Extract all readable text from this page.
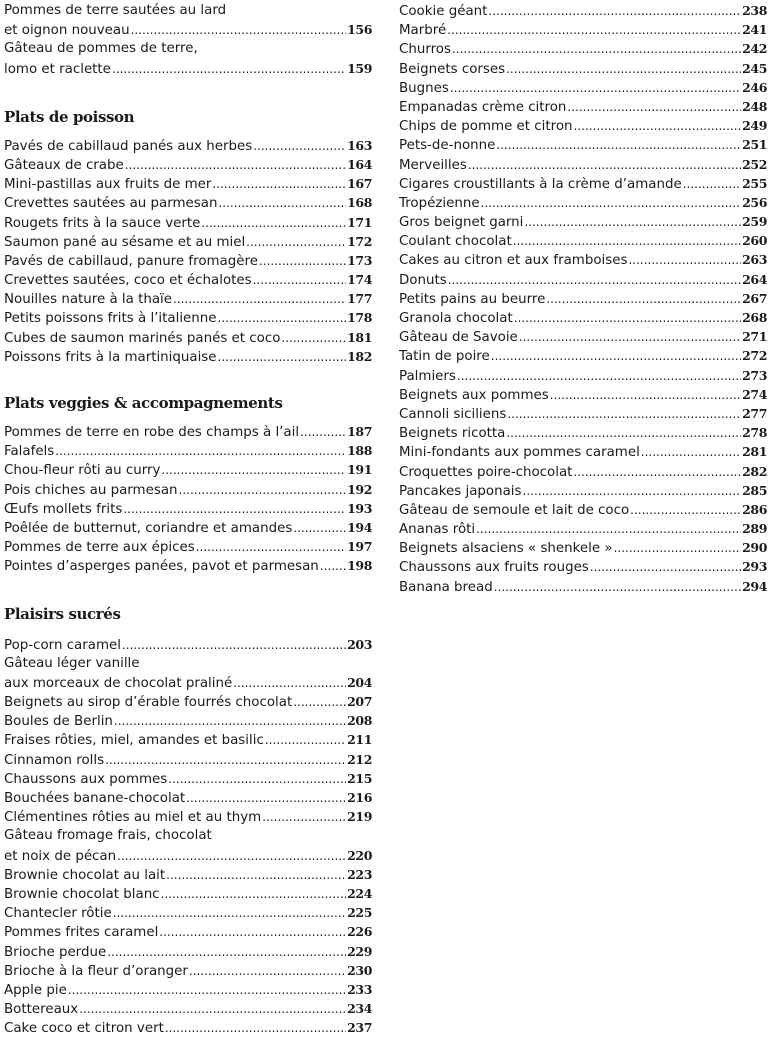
Pommes de terre sautées au lard
et oignon nouveau .....	156
Gâteau de pommes de terre,
lomo et raclette .....	159
Plats de poisson
Pavés de cabillaud panés aux herbes .....	163
Gâteaux de crabe .....	164
Mini-pastillas aux fruits de mer .....	167
Crevettes sautées au parmesan .....	168
Rougets frits à la sauce verte .....	171
Saumon pané au sésame et au miel .....	172
Pavés de cabillaud, panure fromagère .....	173
Crevettes sautées, coco et échalotes .....	174
Nouilles nature à la thaïe .....	177
Petits poissons frits à l’italienne .....	178
Cubes de saumon marinés panés et coco .....	181
Poissons frits à la martiniquaise .....	182
Plats veggies & accompagnements
Pommes de terre en robe des champs à l’ail .....	187
Falafels .....	188
Chou-fleur rôti au curry .....	191
Pois chiches au parmesan .....	192
Œufs mollets frits .....	193
Poêlée de butternut, coriandre et amandes .....	194
Pommes de terre aux épices .....	197
Pointes d’asperges panées, pavot et parmesan ..... 198
Plaisirs sucrés
Pop-corn caramel .....	203
Gâteau léger vanille
aux morceaux de chocolat praliné .....	204
Beignets au sirop d’érable fourrés chocolat .....	207
Boules de Berlin .....	208
Fraises rôties, miel, amandes et basilic .....	211
Cinnamon rolls .....	212
Chaussons aux pommes .....	215
Bouchées banane-chocolat .....	216
Clémentines rôties au miel et au thym .....	219
Gâteau fromage frais, chocolat
et noix de pécan .....	220
Brownie chocolat au lait .....	223
Brownie chocolat blanc .....	224
Chantecler rôtie .....	225
Pommes frites caramel .....	226
Brioche perdue .....	229
Brioche à la fleur d’oranger .....	230
Apple pie .....	233
Bottereaux .....	234
Cake coco et citron vert .....	237
Cookie géant .....	238
Marbré .....	241
Churros .....	242
Beignets corses .....	245
Bugnes .....	246
Empanadas crème citron .....	248
Chips de pomme et citron .....	249
Pets-de-nonne .....	251
Merveilles .....	252
Cigares croustillants à la crème d’amande .....	255
Tropézienne .....	256
Gros beignet garni .....	259
Coulant chocolat .....	260
Cakes au citron et aux framboises .....	263
Donuts .....	264
Petits pains au beurre .....	267
Granola chocolat .....	268
Gâteau de Savoie .....	271
Tatin de poire .....	272
Palmiers .....	273
Beignets aux pommes .....	274
Cannoli siciliens .....	277
Beignets ricotta .....	278
Mini-fondants aux pommes caramel .....	281
Croquettes poire-chocolat .....	282
Pancakes japonais .....	285
Gâteau de semoule et lait de coco .....	286
Ananas rôti .....	289
Beignets alsaciens « shenkele » .....	290
Chaussons aux fruits rouges .....	293
Banana bread .....	294
